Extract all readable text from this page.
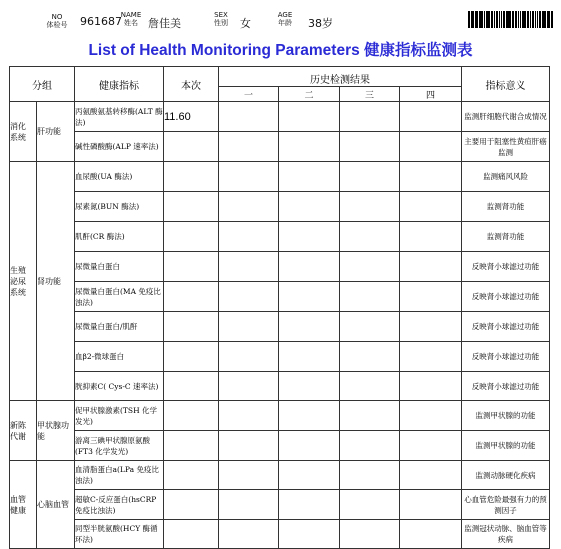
NO
体检号 961687
NAME
姓名 詹佳美
SEX
性别	女
AGE
年龄	38岁
List of Health Monitoring Parameters 健康指标监测表
分组		健康指标	本次	历史检测结果				指标意义
				一	二	三	四	
消化
系统	肝功能	丙氨酸氨基转移酶(ALT 酶法)	11.60					监测肝细胞代谢合成情况
		碱性磷酸酶(ALP 速率法)						主要用于阻塞性黄疸肝癌监测
生殖
泌尿
系统	肾功能	血尿酸(UA 酶法)						监测痛风风险
		尿素氮(BUN 酶法)						监测肾功能
		肌酐(CR 酶法)						监测肾功能
		尿微量白蛋白						反映肾小球滤过功能
		尿微量白蛋白(MA 免疫比浊法)						反映肾小球滤过功能
		尿微量白蛋白/肌酐						反映肾小球滤过功能
		血β2-微球蛋白						反映肾小球滤过功能
		胱抑素C( Cys-C 速率法)						反映肾小球滤过功能
新陈
代谢	甲状腺功
能	促甲状腺激素(TSH 化学发光)						监测甲状腺的功能
		游离三碘甲状腺原氨酸(FT3 化学发光)						监测甲状腺的功能
血管
健康	心脑血管	血清脂蛋白a(LPa 免疫比浊法)						监测动脉硬化疾病
		超敏C-反应蛋白(hsCRP 免疫比浊法)						心血管危险最强有力的预测因子
		同型半胱氨酸(HCY 酶循环法)						监测冠状动脉、脑血管等疾病
